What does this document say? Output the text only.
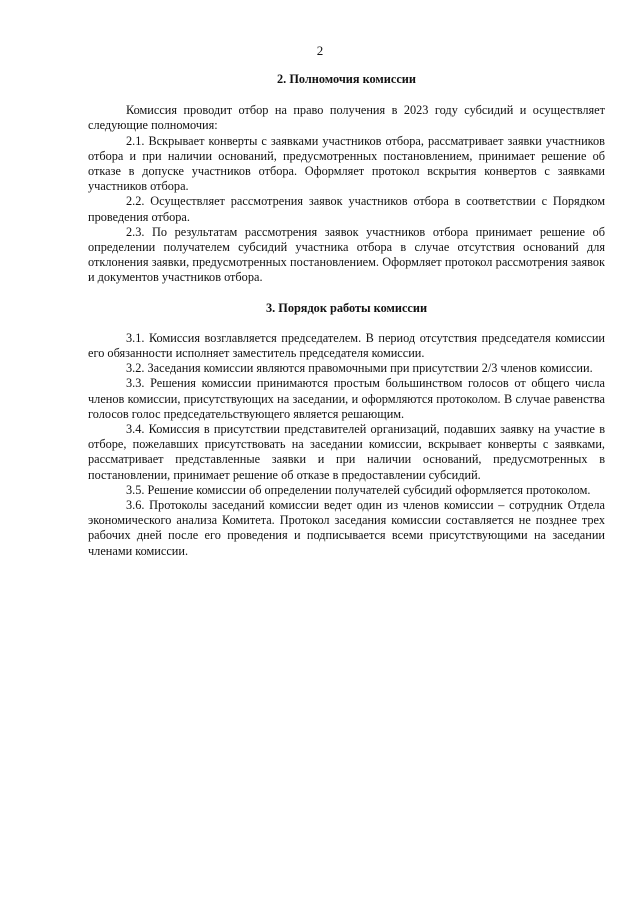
2

2. Полномочия комиссии

Комиссия проводит отбор на право получения в 2023 году субсидий и осуществляет следующие полномочия:

2.1. Вскрывает конверты с заявками участников отбора, рассматривает заявки участников отбора и при наличии оснований, предусмотренных постановлением, принимает решение об отказе в допуске участников отбора. Оформляет протокол вскрытия конвертов с заявками участников отбора.

2.2. Осуществляет рассмотрения заявок участников отбора в соответствии с Порядком проведения отбора.

2.3. По результатам рассмотрения заявок участников отбора принимает решение об определении получателем субсидий участника отбора в случае отсутствия оснований для отклонения заявки, предусмотренных постановлением. Оформляет протокол рассмотрения заявок и документов участников отбора.

3. Порядок работы комиссии

3.1. Комиссия возглавляется председателем. В период отсутствия председателя комиссии его обязанности исполняет заместитель председателя комиссии.

3.2. Заседания комиссии являются правомочными при присутствии 2/3 членов комиссии.

3.3. Решения комиссии принимаются простым большинством голосов от общего числа членов комиссии, присутствующих на заседании, и оформляются протоколом. В случае равенства голосов голос председательствующего является решающим.

3.4. Комиссия в присутствии представителей организаций, подавших заявку на участие в отборе, пожелавших присутствовать на заседании комиссии, вскрывает конверты с заявками, рассматривает представленные заявки и при наличии оснований, предусмотренных в постановлении, принимает решение об отказе в предоставлении субсидий.

3.5. Решение комиссии об определении получателей субсидий оформляется протоколом.

3.6. Протоколы заседаний комиссии ведет один из членов комиссии – сотрудник Отдела экономического анализа Комитета. Протокол заседания комиссии составляется не позднее трех рабочих дней после его проведения и подписывается всеми присутствующими на заседании членами комиссии.
